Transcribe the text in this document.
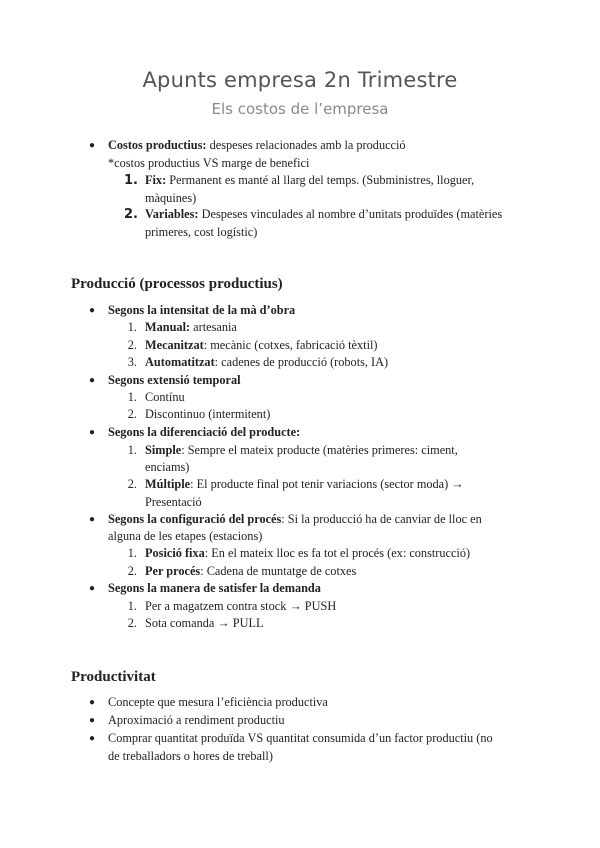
Apunts empresa 2n Trimestre
Els costos de l’empresa
● Costos productius: despeses relacionades amb la producció
*costos productius VS marge de benefici
1. Fix: Permanent es manté al llarg del temps. (Subministres, lloguer,
màquines)
2. Variables: Despeses vinculades al nombre d’unitats produïdes (matèries
primeres, cost logístic)
Producció (processos productius)
● Segons la intensitat de la mà d’obra
1. Manual: artesania
2. Mecanitzat: mecànic (cotxes, fabricació tèxtil)
3. Automatitzat: cadenes de producció (robots, IA)
● Segons extensió temporal
1. Contínu
2. Discontinuo (intermitent)
● Segons la diferenciació del producte:
1. Simple: Sempre el mateix producte (matèries primeres: ciment,
enciams)
2. Múltiple: El producte final pot tenir variacions (sector moda) →
Presentació
● Segons la configuració del procés: Si la producció ha de canviar de lloc en
alguna de les etapes (estacions)
1. Posició fixa: En el mateix lloc es fa tot el procés (ex: construcció)
2. Per procés: Cadena de muntatge de cotxes
● Segons la manera de satisfer la demanda
1. Per a magatzem contra stock → PUSH
2. Sota comanda → PULL
Productivitat
● Concepte que mesura l’eficiència productiva
● Aproximació a rendiment productiu
● Comprar quantitat produïda VS quantitat consumida d’un factor productiu (no
de treballadors o hores de treball)
